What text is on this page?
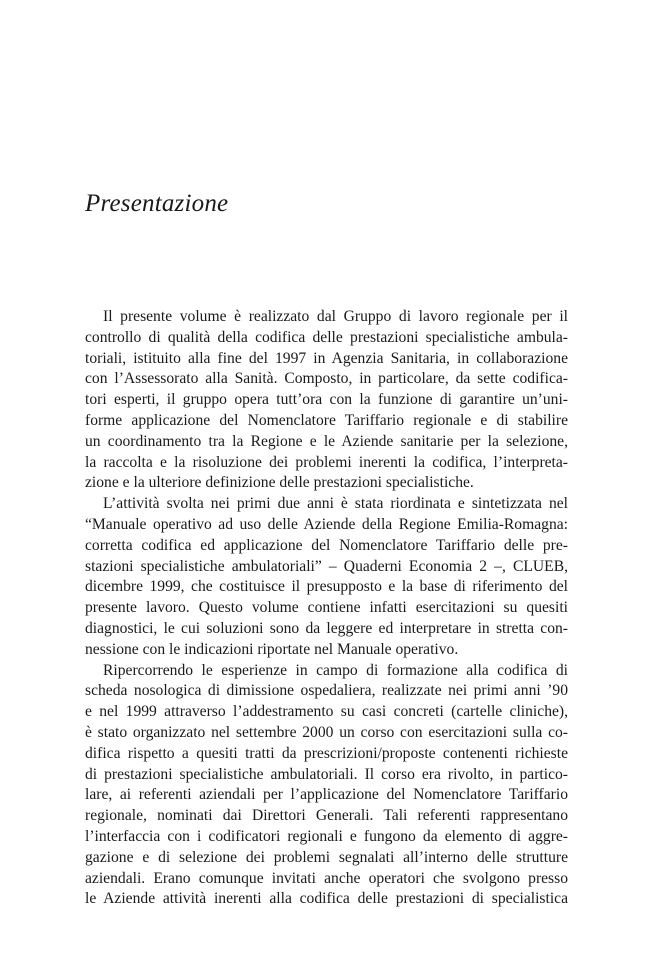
Presentazione
Il presente volume è realizzato dal Gruppo di lavoro regionale per il
controllo di qualità della codifica delle prestazioni specialistiche ambula-
toriali, istituito alla fine del 1997 in Agenzia Sanitaria, in collaborazione
con l’Assessorato alla Sanità. Composto, in particolare, da sette codifica-
tori esperti, il gruppo opera tutt’ora con la funzione di garantire un’uni-
forme applicazione del Nomenclatore Tariffario regionale e di stabilire
un coordinamento tra la Regione e le Aziende sanitarie per la selezione,
la raccolta e la risoluzione dei problemi inerenti la codifica, l’interpreta-
zione e la ulteriore definizione delle prestazioni specialistiche.
L’attività svolta nei primi due anni è stata riordinata e sintetizzata nel
“Manuale operativo ad uso delle Aziende della Regione Emilia-Romagna:
corretta codifica ed applicazione del Nomenclatore Tariffario delle pre-
stazioni specialistiche ambulatoriali” – Quaderni Economia 2 –, CLUEB,
dicembre 1999, che costituisce il presupposto e la base di riferimento del
presente lavoro. Questo volume contiene infatti esercitazioni su quesiti
diagnostici, le cui soluzioni sono da leggere ed interpretare in stretta con-
nessione con le indicazioni riportate nel Manuale operativo.
Ripercorrendo le esperienze in campo di formazione alla codifica di
scheda nosologica di dimissione ospedaliera, realizzate nei primi anni ’90
e nel 1999 attraverso l’addestramento su casi concreti (cartelle cliniche),
è stato organizzato nel settembre 2000 un corso con esercitazioni sulla co-
difica rispetto a quesiti tratti da prescrizioni/proposte contenenti richieste
di prestazioni specialistiche ambulatoriali. Il corso era rivolto, in partico-
lare, ai referenti aziendali per l’applicazione del Nomenclatore Tariffario
regionale, nominati dai Direttori Generali. Tali referenti rappresentano
l’interfaccia con i codificatori regionali e fungono da elemento di aggre-
gazione e di selezione dei problemi segnalati all’interno delle strutture
aziendali. Erano comunque invitati anche operatori che svolgono presso
le Aziende attività inerenti alla codifica delle prestazioni di specialistica
